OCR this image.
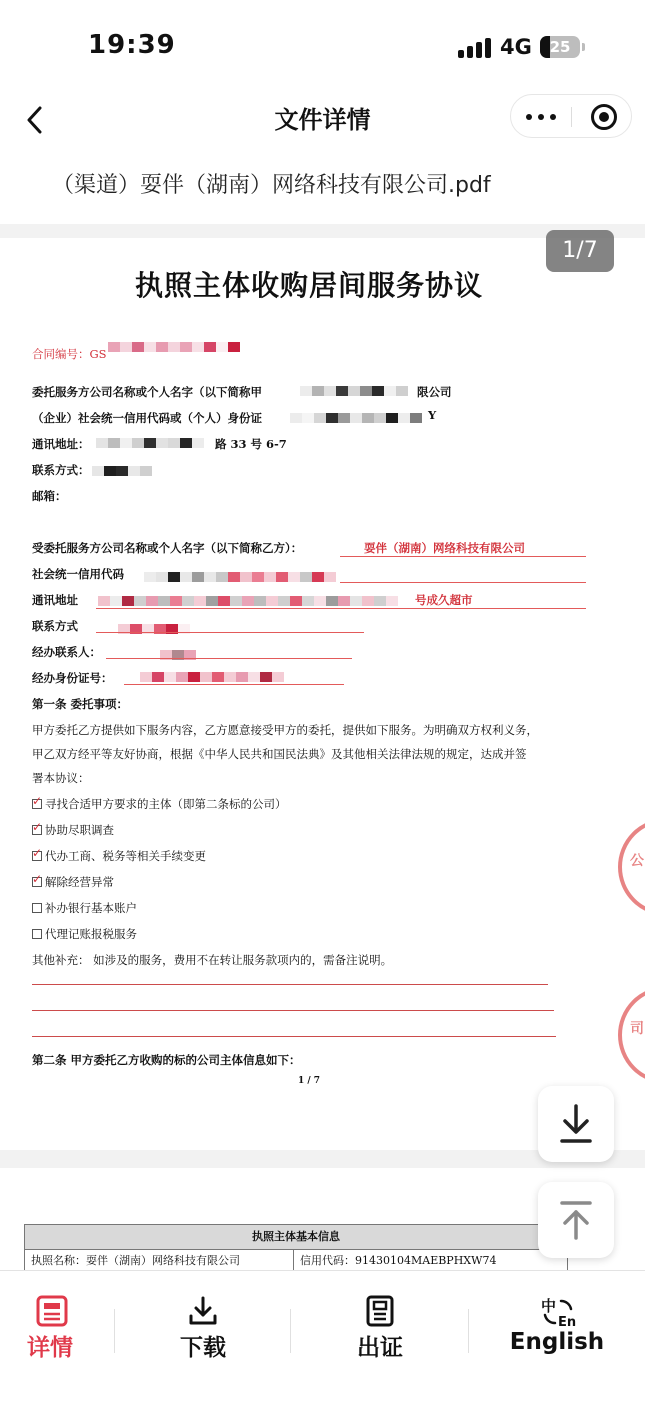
19:39	4G	25
文件详情
（渠道）耍伴（湖南）网络科技有限公司.pdf
1/7
执照主体收购居间服务协议
合同编号：GS
委托服务方公司名称或个人名字（以下简称甲	限公司
（企业）社会统一信用代码或（个人）身份证	Y
通讯地址：	路 33 号 6-7
联系方式：
邮箱：
受委托服务方公司名称或个人名字（以下简称乙方）：	耍伴（湖南）网络科技有限公司
社会统一信用代码
通讯地址	号成久超市
联系方式
经办联系人：
经办身份证号：
第一条 委托事项：
甲方委托乙方提供如下服务内容，乙方愿意接受甲方的委托，提供如下服务。为明确双方权利义务，
甲乙双方经平等友好协商，根据《中华人民共和国民法典》及其他相关法律法规的规定，达成并签
署本协议：
✓寻找合适甲方要求的主体（即第二条标的公司）
✓协助尽职调查
✓代办工商、税务等相关手续变更
✓解除经营异常
补办银行基本账户
代理记账报税服务
其他补充： 如涉及的服务，费用不在转让服务款项内的，需备注说明。
第二条 甲方委托乙方收购的标的公司主体信息如下：
1 / 7
公
司
执照主体基本信息
执照名称：耍伴（湖南）网络科技有限公司	信用代码：91430104MAEBPHXW74
详情	下载	出证
中
En
English
